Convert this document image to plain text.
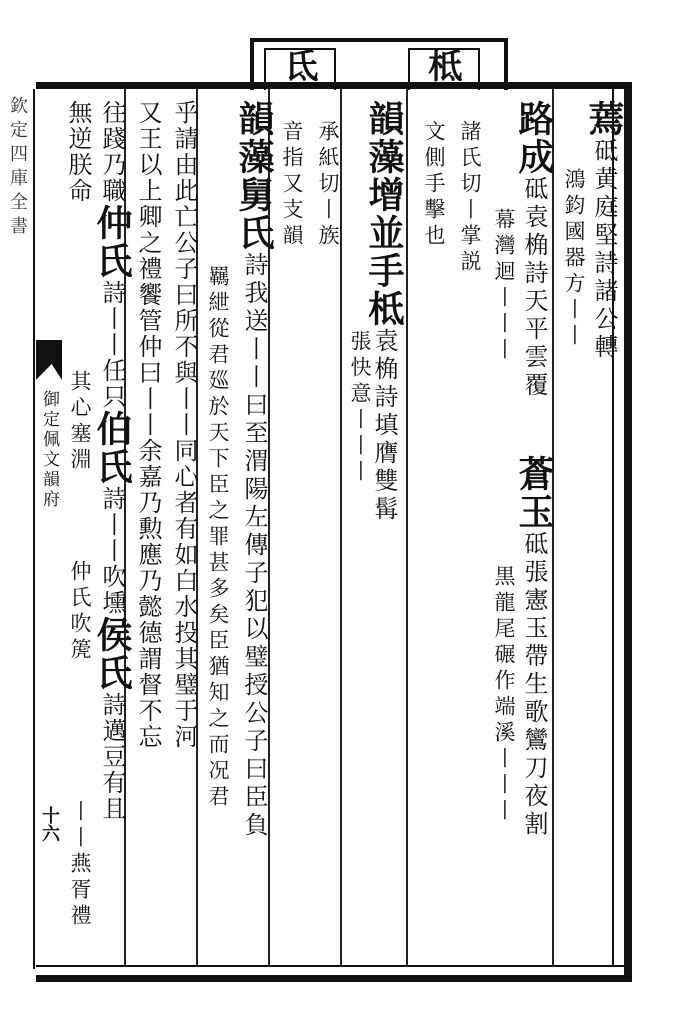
氐	柢
蔫砥黄庭堅詩諸公轉
鴻鈞國器方丨丨
路成砥袁桷詩天平雲覆
幕灣迴丨丨丨
蒼玉砥張憲玉帶生歌鸞刀夜割
黒龍尾碾作端溪丨丨丨
諸氏切丨掌説
文側手擊也
韻藻增並手柢袁桷詩填膺雙髯
張快意丨丨丨
承紙切丨族
音指又支韻
韻藻舅氏詩我送丨丨曰至渭陽左傳子犯以璧授公子曰臣負
羈紲從君廵於天下臣之罪甚多矣臣猶知之而况君
乎請由此亡公子曰所不與丨丨同心者有如白水投其璧于河
又王以上卿之禮饗管仲曰丨丨余嘉乃勲應乃懿德謂督不忘
往踐乃職仲氏詩丨丨任只伯氏詩丨丨吹壎侯氏詩邁豆有且
無逆朕命
其心塞淵
仲氏吹箎
丨丨燕胥禮
欽定四庫全書
御定佩文韻府
十六
